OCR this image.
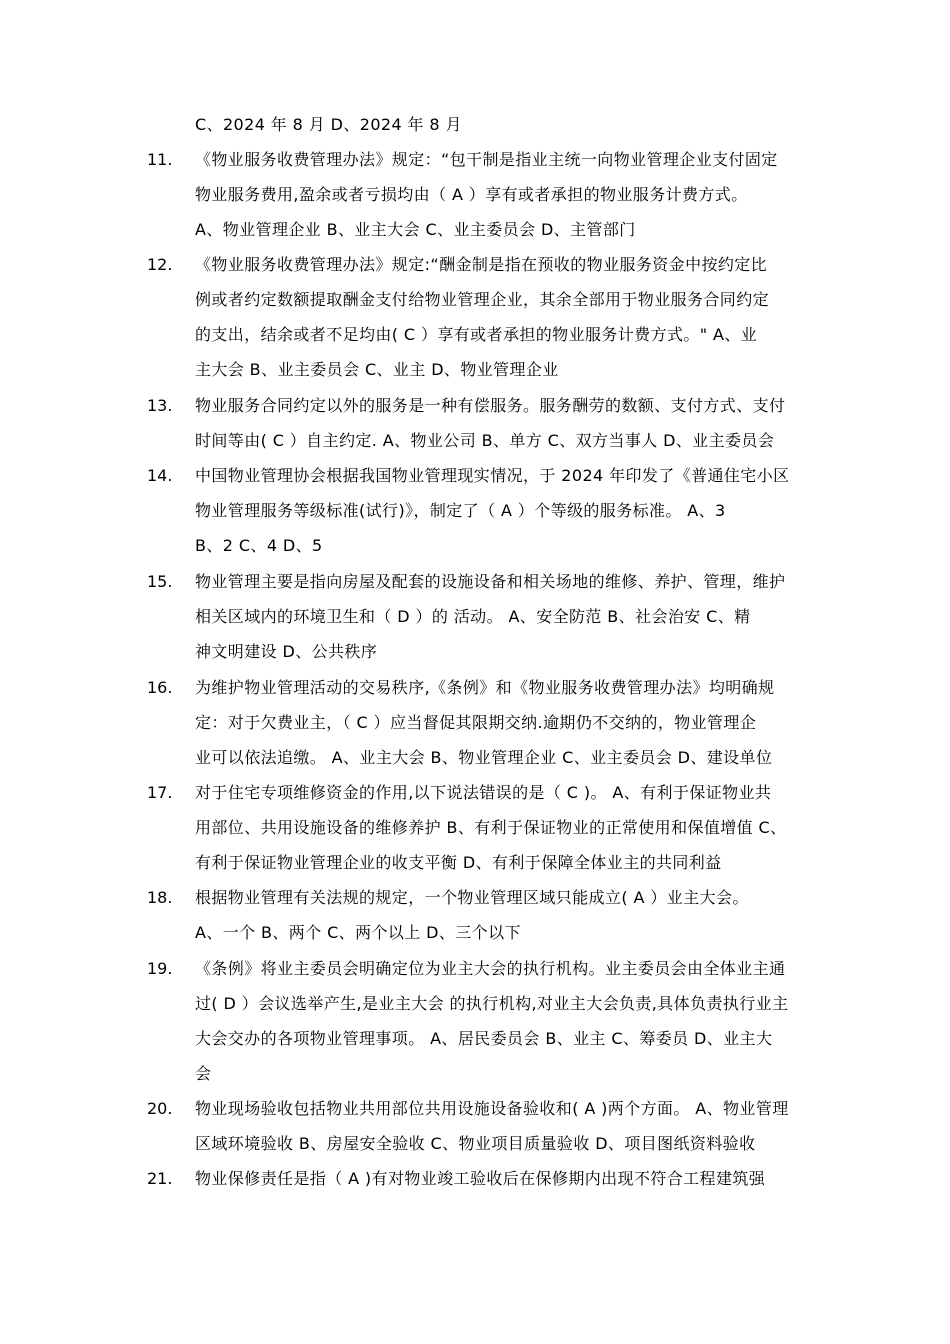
C、2024 年 8 月 D、2024 年 8 月
11. 《物业服务收费管理办法》规定：“包干制是指业主统一向物业管理企业支付固定
物业服务费用,盈余或者亏损均由（ A ）享有或者承担的物业服务计费方式。
A、物业管理企业 B、业主大会 C、业主委员会 D、主管部门
12. 《物业服务收费管理办法》规定:“酬金制是指在预收的物业服务资金中按约定比
例或者约定数额提取酬金支付给物业管理企业，其余全部用于物业服务合同约定
的支出，结余或者不足均由( C ）享有或者承担的物业服务计费方式。" A、业
主大会 B、业主委员会 C、业主 D、物业管理企业
13. 物业服务合同约定以外的服务是一种有偿服务。服务酬劳的数额、支付方式、支付
时间等由( C ）自主约定. A、物业公司 B、单方 C、双方当事人 D、业主委员会
14. 中国物业管理协会根据我国物业管理现实情况，于 2024 年印发了《普通住宅小区
物业管理服务等级标准(试行)》，制定了（ A ）个等级的服务标准。 A、3
B、2 C、4 D、5
15. 物业管理主要是指向房屋及配套的设施设备和相关场地的维修、养护、管理，维护
相关区域内的环境卫生和（ D ）的 活动。 A、安全防范 B、社会治安 C、精
神文明建设 D、公共秩序
16. 为维护物业管理活动的交易秩序,《条例》和《物业服务收费管理办法》均明确规
定：对于欠费业主，（ C ）应当督促其限期交纳.逾期仍不交纳的，物业管理企
业可以依法追缴。 A、业主大会 B、物业管理企业 C、业主委员会 D、建设单位
17. 对于住宅专项维修资金的作用,以下说法错误的是（ C )。 A、有利于保证物业共
用部位、共用设施设备的维修养护 B、有利于保证物业的正常使用和保值增值 C、
有利于保证物业管理企业的收支平衡 D、有利于保障全体业主的共同利益
18. 根据物业管理有关法规的规定，一个物业管理区域只能成立( A ）业主大会。
A、一个 B、两个 C、两个以上 D、三个以下
19. 《条例》将业主委员会明确定位为业主大会的执行机构。业主委员会由全体业主通
过( D ）会议选举产生,是业主大会 的执行机构,对业主大会负责,具体负责执行业主
大会交办的各项物业管理事项。 A、居民委员会 B、业主 C、筹委员 D、业主大
会
20. 物业现场验收包括物业共用部位共用设施设备验收和( A )两个方面。 A、物业管理
区域环境验收 B、房屋安全验收 C、物业项目质量验收 D、项目图纸资料验收
21. 物业保修责任是指（ A )有对物业竣工验收后在保修期内出现不符合工程建筑强
